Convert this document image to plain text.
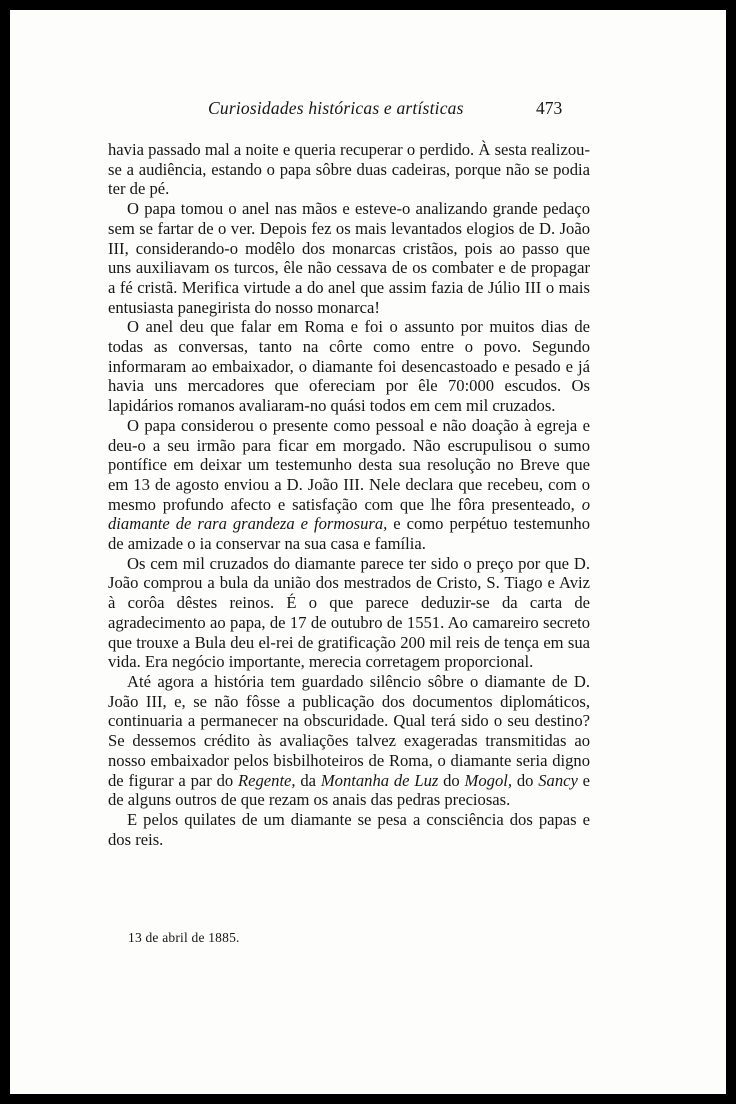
Curiosidades históricas e artísticas	473

havia passado mal a noite e queria recuperar o perdido. À sesta realizou-se a audiência, estando o papa sôbre duas cadeiras, porque não se podia ter de pé.

O papa tomou o anel nas mãos e esteve-o analizando grande pedaço sem se fartar de o ver. Depois fez os mais levantados elogios de D. João III, considerando-o modêlo dos monarcas cristãos, pois ao passo que uns auxiliavam os turcos, êle não cessava de os combater e de propagar a fé cristã. Merifica virtude a do anel que assim fazia de Júlio III o mais entusiasta panegirista do nosso monarca!

O anel deu que falar em Roma e foi o assunto por muitos dias de todas as conversas, tanto na côrte como entre o povo. Segundo informaram ao embaixador, o diamante foi desencastoado e pesado e já havia uns mercadores que ofereciam por êle 70:000 escudos. Os lapidários romanos avaliaram-no quási todos em cem mil cruzados.

O papa considerou o presente como pessoal e não doação à egreja e deu-o a seu irmão para ficar em morgado. Não escrupulisou o sumo pontífice em deixar um testemunho desta sua resolução no Breve que em 13 de agosto enviou a D. João III. Nele declara que recebeu, com o mesmo profundo afecto e satisfação com que lhe fôra presenteado, o diamante de rara grandeza e formosura, e como perpétuo testemunho de amizade o ia conservar na sua casa e família.

Os cem mil cruzados do diamante parece ter sido o preço por que D. João comprou a bula da união dos mestrados de Cristo, S. Tiago e Aviz à corôa dêstes reinos. É o que parece deduzir-se da carta de agradecimento ao papa, de 17 de outubro de 1551. Ao camareiro secreto que trouxe a Bula deu el-rei de gratificação 200 mil reis de tença em sua vida. Era negócio importante, merecia corretagem proporcional.

Até agora a história tem guardado silêncio sôbre o diamante de D. João III, e, se não fôsse a publicação dos documentos diplomáticos, continuaria a permanecer na obscuridade. Qual terá sido o seu destino? Se dessemos crédito às avaliações talvez exageradas transmitidas ao nosso embaixador pelos bisbilhoteiros de Roma, o diamante seria digno de figurar a par do Regente, da Montanha de Luz do Mogol, do Sancy e de alguns outros de que rezam os anais das pedras preciosas.

E pelos quilates de um diamante se pesa a consciência dos papas e dos reis.

13 de abril de 1885.
